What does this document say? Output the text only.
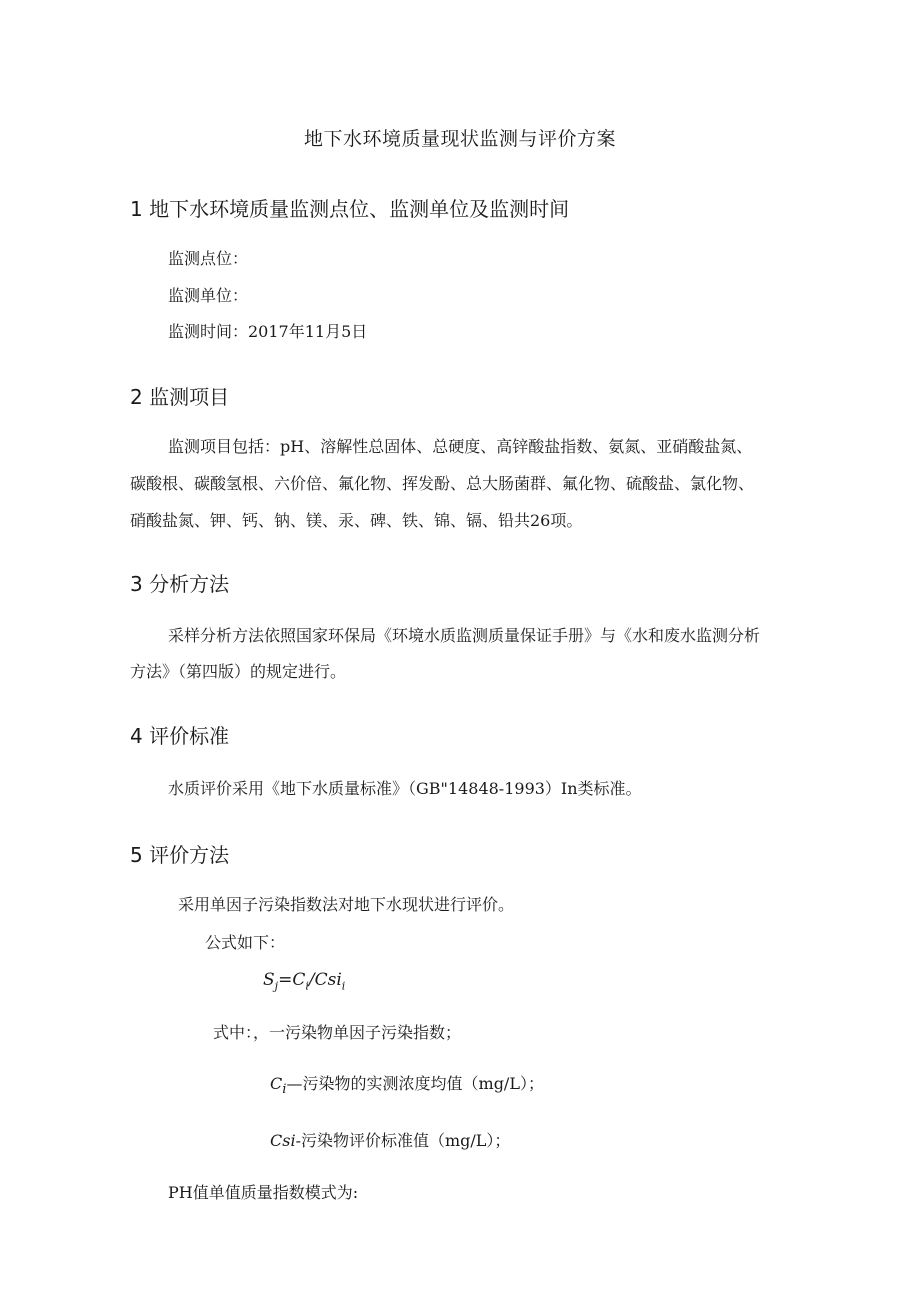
地下水环境质量现状监测与评价方案
1 地下水环境质量监测点位、监测单位及监测时间
监测点位：
监测单位：
监测时间：2017年11月5日
2 监测项目
监测项目包括：pH、溶解性总固体、总硬度、高锌酸盐指数、氨氮、亚硝酸盐氮、
碳酸根、碳酸氢根、六价倍、氟化物、挥发酚、总大肠菌群、氟化物、硫酸盐、氯化物、
硝酸盐氮、钾、钙、钠、镁、汞、碑、铁、锦、镉、铅共26项。
3 分析方法
采样分析方法依照国家环保局《环境水质监测质量保证手册》与《水和废水监测分析
方法》（第四版）的规定进行。
4 评价标准
水质评价采用《地下水质量标准》（GB"14848-1993）In类标准。
5 评价方法
采用单因子污染指数法对地下水现状进行评价。
公式如下：
$S_j=C_i/Csi_i$
式中：，一污染物单因子污染指数；
$C_i—$污染物的实测浓度均值（mg/L）；
Csi-污染物评价标准值（mg/L）；
PH值单值质量指数模式为:
